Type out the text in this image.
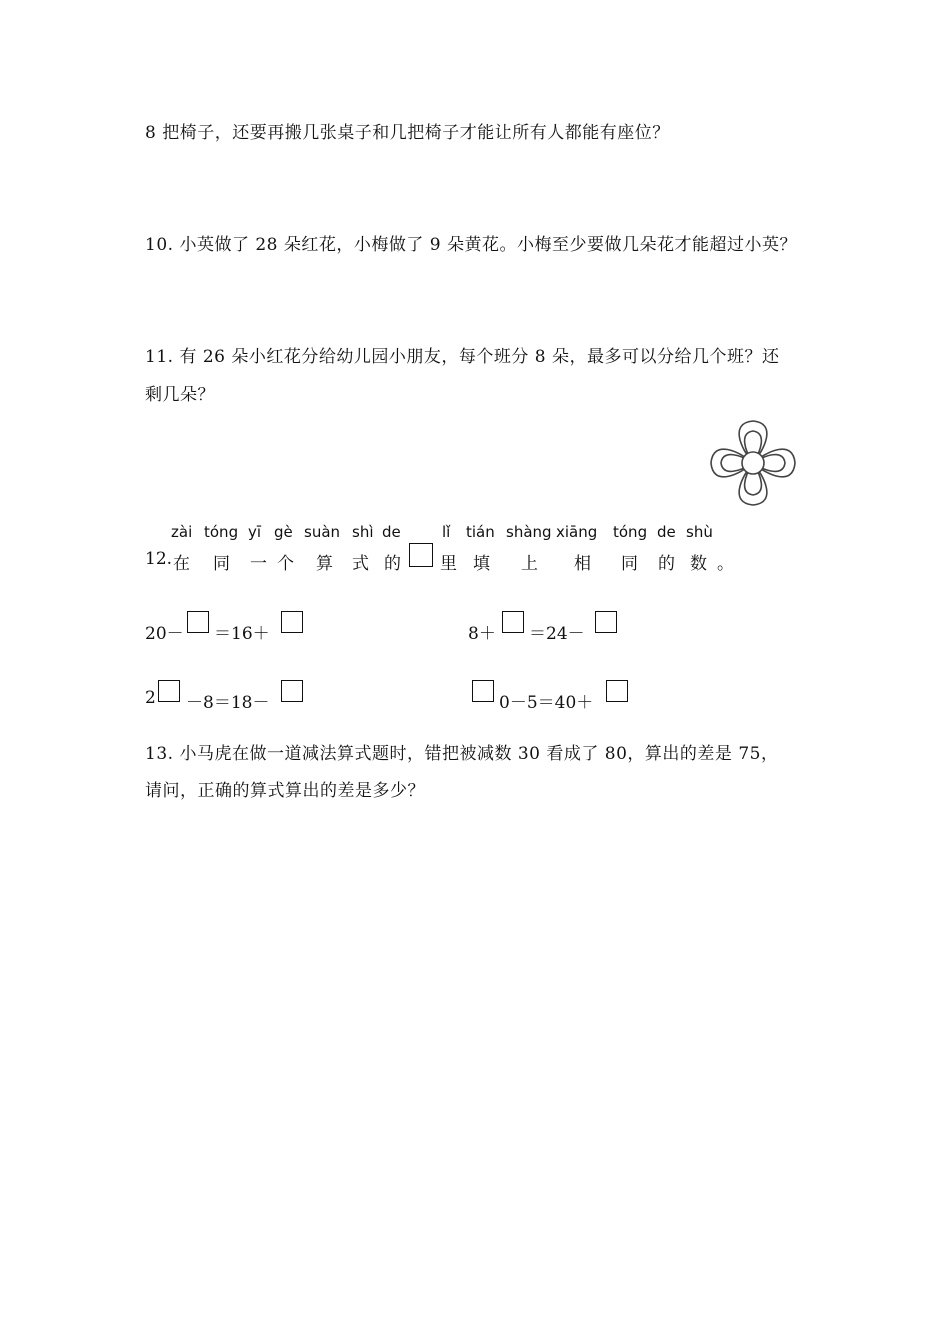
8 把椅子，还要再搬几张桌子和几把椅子才能让所有人都能有座位？
10. 小英做了 28 朵红花，小梅做了 9 朵黄花。小梅至少要做几朵花才能超过小英？
11. 有 26 朵小红花分给幼儿园小朋友，每个班分 8 朵，最多可以分给几个班？还
剩几朵？
zài tóng yī gè suàn shì de	lǐ tián shàng xiāng tóng de shù
12. 在 同 一 个 算 式 的 里 填 上 相 同 的 数 。
20－ ＝16＋	8＋ ＝24－
2 －8＝18－	0－5＝40＋
13. 小马虎在做一道减法算式题时，错把被减数 30 看成了 80，算出的差是 75，
请问，正确的算式算出的差是多少？
